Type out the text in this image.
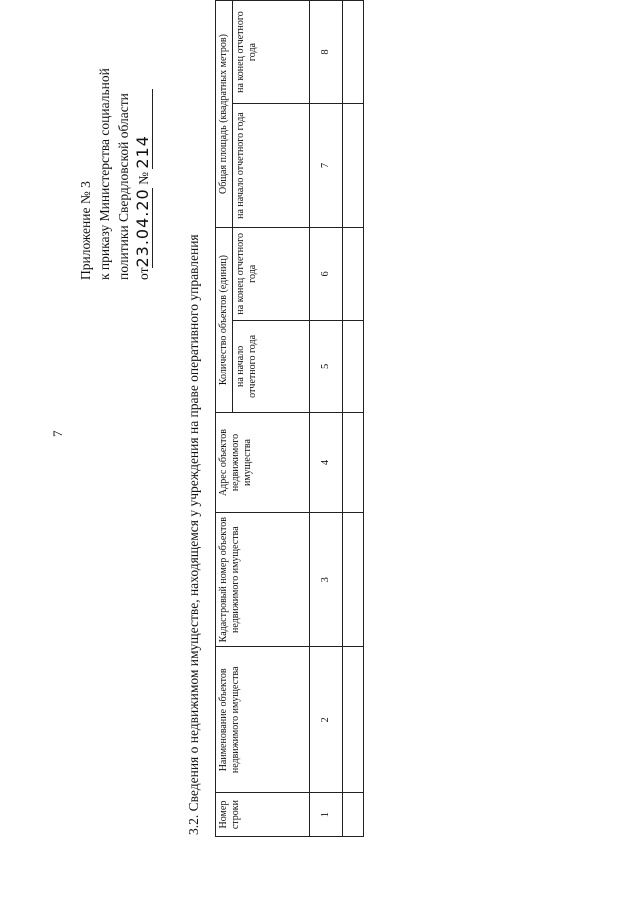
7
Приложение № 3 к приказу Министерства социальной политики Свердловской области от23.04.20 № 214
3.2. Сведения о недвижимом имуществе, находящемся у учреждения на праве оперативного управления Номер строки	Наименование объектов недвижимого имущества	Кадастровый номер объектов недвижимого имущества	Адрес объектов недвижимого имущества	Количество объектов (единиц)		Общая площадь (квадратных метров)	
				на начало отчетного года	на конец отчетного года	на начало отчетного года	на конец отчетного года
1	2	3	4	5	6	7	8
